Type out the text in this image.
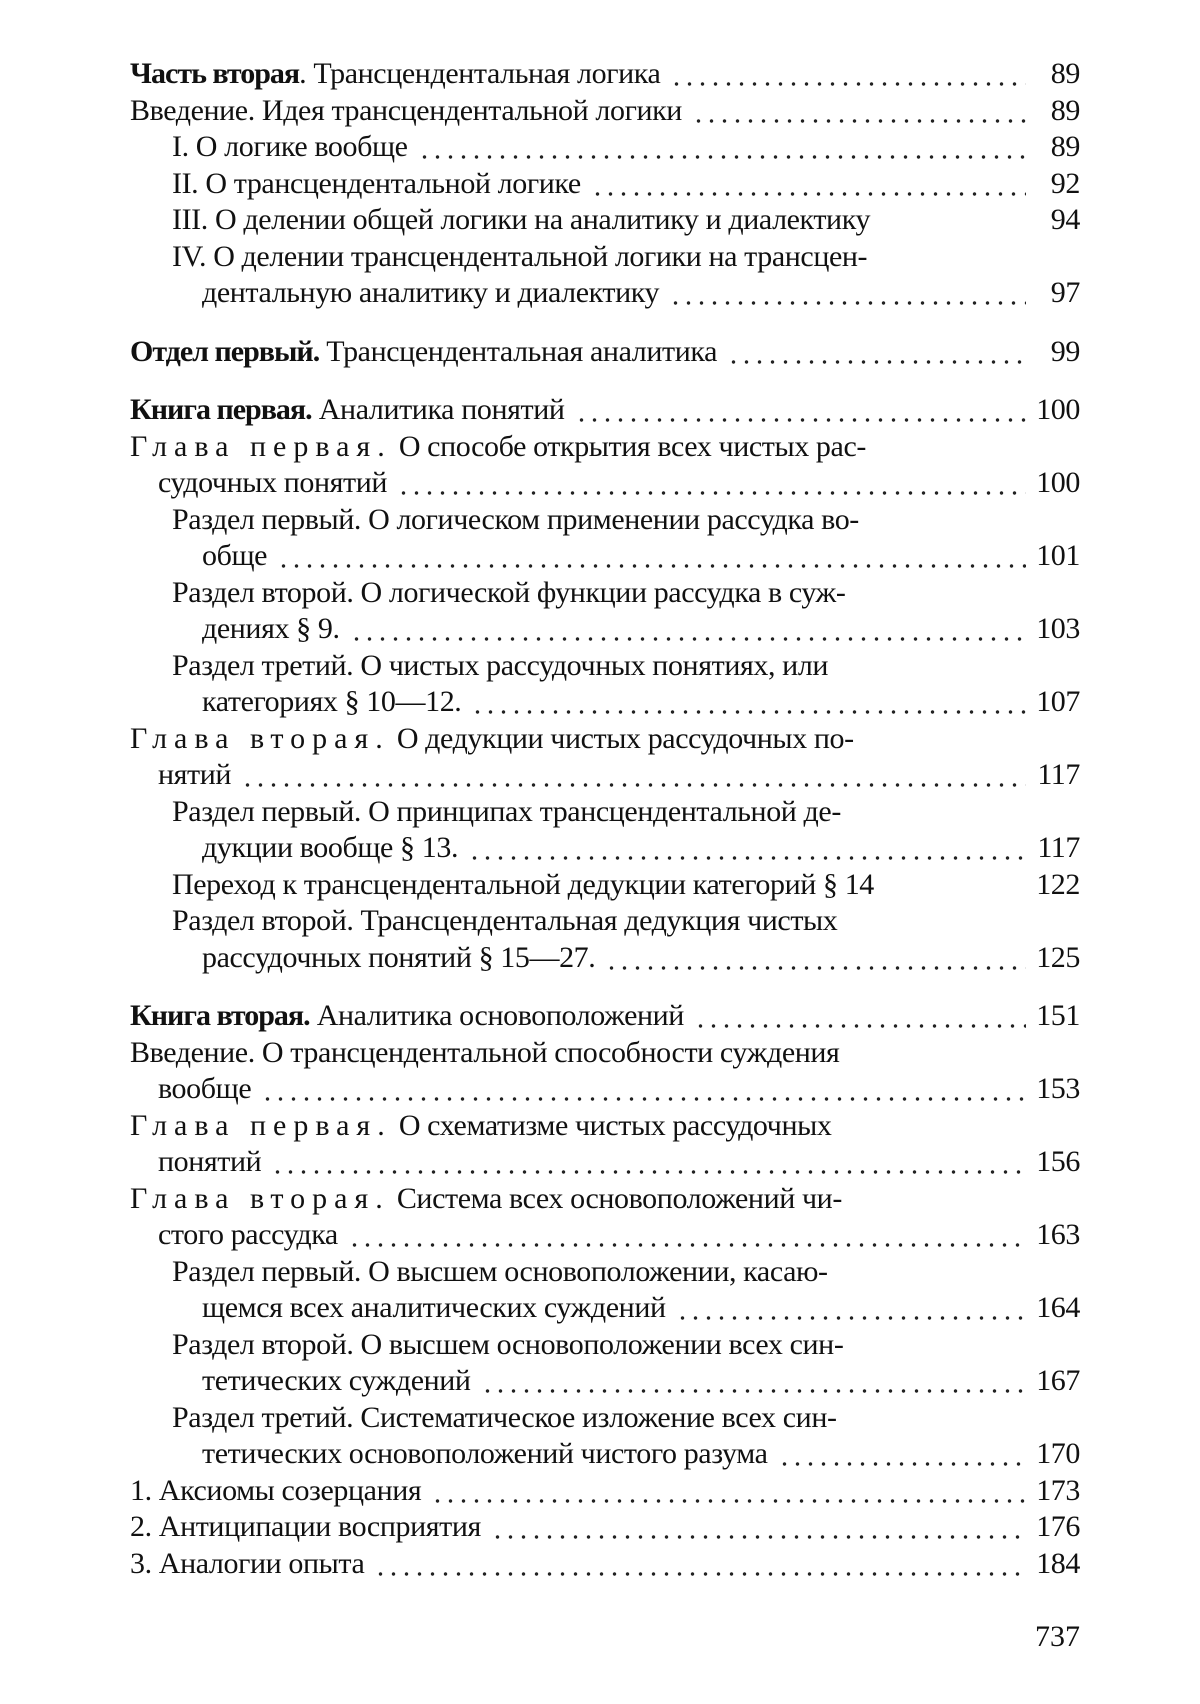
Часть вторая. Трансцендентальная логика	89
Введение. Идея трансцендентальной логики	89
I. О логике вообще	89
II. О трансцендентальной логике	92
III. О делении общей логики на аналитику и диалектику	94
IV. О делении трансцендентальной логики на трансцен-
дентальную аналитику и диалектику	97
Отдел первый. Трансцендентальная аналитика	99
Книга первая. Аналитика понятий	100
Глава первая. О способе открытия всех чистых рас-
судочных понятий	100
Раздел первый. О логическом применении рассудка во-
обще	101
Раздел второй. О логической функции рассудка в суж-
дениях § 9.	103
Раздел третий. О чистых рассудочных понятиях, или
категориях § 10—12.	107
Глава вторая. О дедукции чистых рассудочных по-
нятий	117
Раздел первый. О принципах трансцендентальной де-
дукции вообще § 13.	117
Переход к трансцендентальной дедукции категорий § 14	122
Раздел второй. Трансцендентальная дедукция чистых
рассудочных понятий § 15—27.	125
Книга вторая. Аналитика основоположений	151
Введение. О трансцендентальной способности суждения
вообще	153
Глава первая. О схематизме чистых рассудочных
понятий	156
Глава вторая. Система всех основоположений чи-
стого рассудка	163
Раздел первый. О высшем основоположении, касаю-
щемся всех аналитических суждений	164
Раздел второй. О высшем основоположении всех син-
тетических суждений	167
Раздел третий. Систематическое изложение всех син-
тетических основоположений чистого разума	170
1. Аксиомы созерцания	173
2. Антиципации восприятия	176
3. Аналогии опыта	184
737
